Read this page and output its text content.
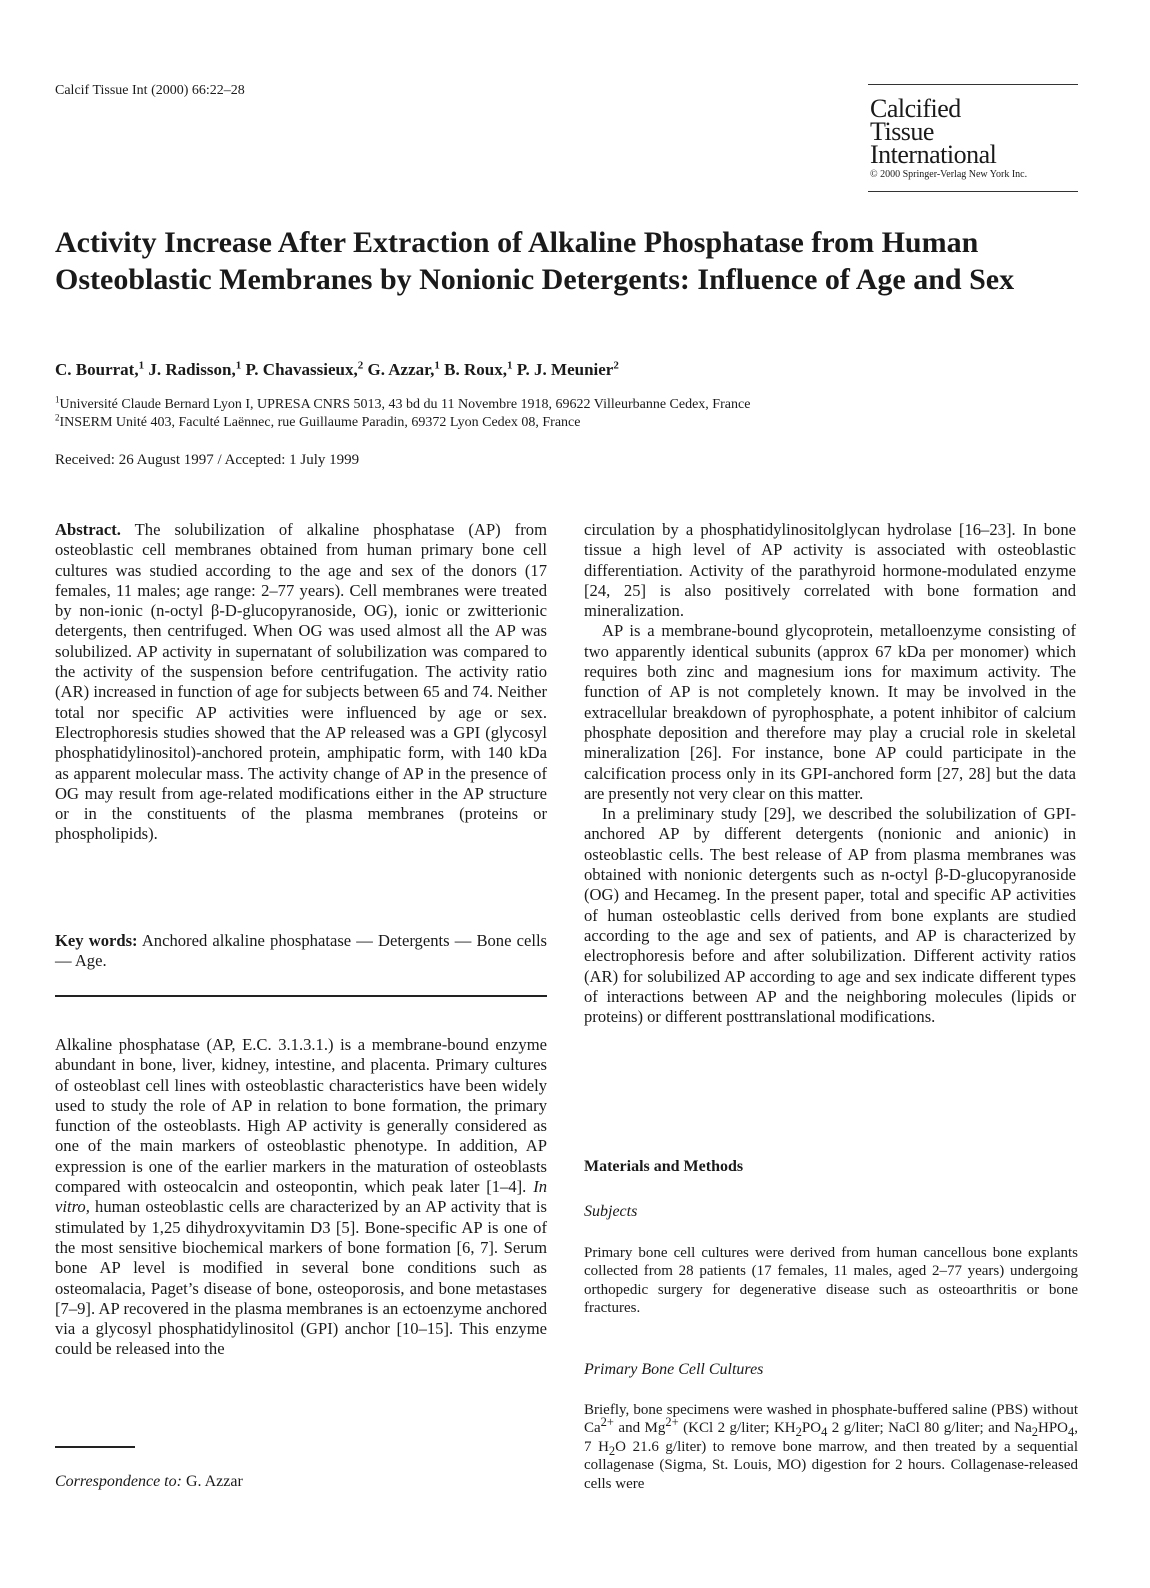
Calcif Tissue Int (2000) 66:22–28
Calcified
Tissue
International
© 2000 Springer-Verlag New York Inc.
Activity Increase After Extraction of Alkaline Phosphatase from Human Osteoblastic Membranes by Nonionic Detergents: Influence of Age and Sex
C. Bourrat,$^1$ J. Radisson,$^1$ P. Chavassieux,$^2$ G. Azzar,$^1$ B. Roux,$^1$ P. J. Meunier$^2$
$^1$Université Claude Bernard Lyon I, UPRESA CNRS 5013, 43 bd du 11 Novembre 1918, 69622 Villeurbanne Cedex, France
$^2$INSERM Unité 403, Faculté Laënnec, rue Guillaume Paradin, 69372 Lyon Cedex 08, France
Received: 26 August 1997 / Accepted: 1 July 1999

Abstract. The solubilization of alkaline phosphatase (AP) from osteoblastic cell membranes obtained from human primary bone cell cultures was studied according to the age and sex of the donors (17 females, 11 males; age range: 2–77 years). Cell membranes were treated by non-ionic (n-octyl β-D-glucopyranoside, OG), ionic or zwitterionic detergents, then centrifuged. When OG was used almost all the AP was solubilized. AP activity in supernatant of solubilization was compared to the activity of the suspension before centrifugation. The activity ratio (AR) increased in function of age for subjects between 65 and 74. Neither total nor specific AP activities were influenced by age or sex. Electrophoresis studies showed that the AP released was a GPI (glycosyl phosphatidylinositol)-anchored protein, amphipatic form, with 140 kDa as apparent molecular mass. The activity change of AP in the presence of OG may result from age-related modifications either in the AP structure or in the constituents of the plasma membranes (proteins or phospholipids).

Key words: Anchored alkaline phosphatase — Detergents — Bone cells — Age.

Alkaline phosphatase (AP, E.C. 3.1.3.1.) is a membrane-bound enzyme abundant in bone, liver, kidney, intestine, and placenta. Primary cultures of osteoblast cell lines with osteoblastic characteristics have been widely used to study the role of AP in relation to bone formation, the primary function of the osteoblasts. High AP activity is generally considered as one of the main markers of osteoblastic phenotype. In addition, AP expression is one of the earlier markers in the maturation of osteoblasts compared with osteocalcin and osteopontin, which peak later [1–4]. In vitro, human osteoblastic cells are characterized by an AP activity that is stimulated by 1,25 dihydroxyvitamin D3 [5]. Bone-specific AP is one of the most sensitive biochemical markers of bone formation [6, 7]. Serum bone AP level is modified in several bone conditions such as osteomalacia, Paget’s disease of bone, osteoporosis, and bone metastases [7–9]. AP recovered in the plasma membranes is an ectoenzyme anchored via a glycosyl phosphatidylinositol (GPI) anchor [10–15]. This enzyme could be released into the

Correspondence to: G. Azzar

circulation by a phosphatidylinositolglycan hydrolase [16–23]. In bone tissue a high level of AP activity is associated with osteoblastic differentiation. Activity of the parathyroid hormone-modulated enzyme [24, 25] is also positively correlated with bone formation and mineralization.

AP is a membrane-bound glycoprotein, metalloenzyme consisting of two apparently identical subunits (approx 67 kDa per monomer) which requires both zinc and magnesium ions for maximum activity. The function of AP is not completely known. It may be involved in the extracellular breakdown of pyrophosphate, a potent inhibitor of calcium phosphate deposition and therefore may play a crucial role in skeletal mineralization [26]. For instance, bone AP could participate in the calcification process only in its GPI-anchored form [27, 28] but the data are presently not very clear on this matter.

In a preliminary study [29], we described the solubilization of GPI-anchored AP by different detergents (nonionic and anionic) in osteoblastic cells. The best release of AP from plasma membranes was obtained with nonionic detergents such as n-octyl β-D-glucopyranoside (OG) and Hecameg. In the present paper, total and specific AP activities of human osteoblastic cells derived from bone explants are studied according to the age and sex of patients, and AP is characterized by electrophoresis before and after solubilization. Different activity ratios (AR) for solubilized AP according to age and sex indicate different types of interactions between AP and the neighboring molecules (lipids or proteins) or different posttranslational modifications.

Materials and Methods
Subjects
Primary bone cell cultures were derived from human cancellous bone explants collected from 28 patients (17 females, 11 males, aged 2–77 years) undergoing orthopedic surgery for degenerative disease such as osteoarthritis or bone fractures.
Primary Bone Cell Cultures
Briefly, bone specimens were washed in phosphate-buffered saline (PBS) without $Ca^{2+}$ and $Mg^{2+}$ (KCl 2 g/liter; $KH_2PO_4$ 2 g/liter; NaCl 80 g/liter; and $Na_2HPO_4$, 7 $H_2O$ 21.6 g/liter) to remove bone marrow, and then treated by a sequential collagenase (Sigma, St. Louis, MO) digestion for 2 hours. Collagenase-released cells were
